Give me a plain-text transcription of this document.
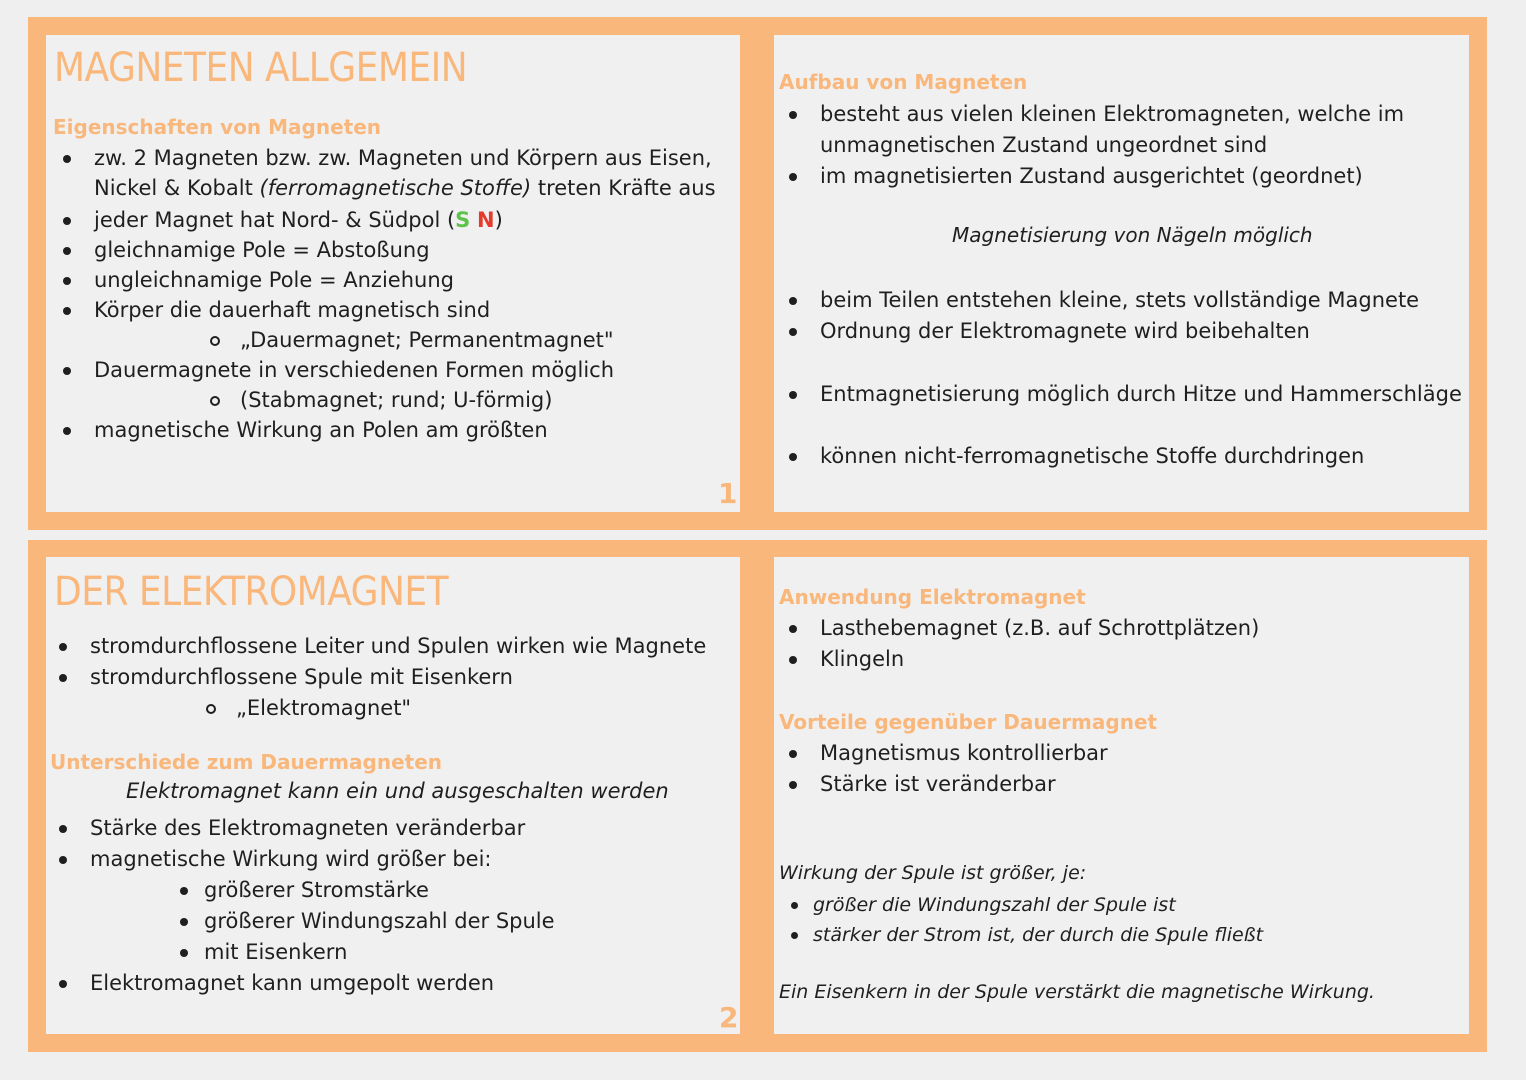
MAGNETEN ALLGEMEIN
Eigenschaften von Magneten
zw. 2 Magneten bzw. zw. Magneten und Körpern aus Eisen,
Nickel & Kobalt (ferromagnetische Stoffe) treten Kräfte aus
jeder Magnet hat Nord- & Südpol (S N)
gleichnamige Pole = Abstoßung
ungleichnamige Pole = Anziehung
Körper die dauerhaft magnetisch sind
„Dauermagnet; Permanentmagnet"
Dauermagnete in verschiedenen Formen möglich
(Stabmagnet; rund; U-förmig)
magnetische Wirkung an Polen am größten
1
Aufbau von Magneten
besteht aus vielen kleinen Elektromagneten, welche im
unmagnetischen Zustand ungeordnet sind
im magnetisierten Zustand ausgerichtet (geordnet)

Magnetisierung von Nägeln möglich

beim Teilen entstehen kleine, stets vollständige Magnete
Ordnung der Elektromagnete wird beibehalten
Entmagnetisierung möglich durch Hitze und Hammerschläge
können nicht-ferromagnetische Stoffe durchdringen
DER ELEKTROMAGNET
stromdurchflossene Leiter und Spulen wirken wie Magnete
stromdurchflossene Spule mit Eisenkern
„Elektromagnet"
Unterschiede zum Dauermagneten

Elektromagnet kann ein und ausgeschalten werden

Stärke des Elektromagneten veränderbar
magnetische Wirkung wird größer bei:
größerer Stromstärke
größerer Windungszahl der Spule
mit Eisenkern
Elektromagnet kann umgepolt werden
2
Anwendung Elektromagnet
Lasthebemagnet (z.B. auf Schrottplätzen)
Klingeln
Vorteile gegenüber Dauermagnet
Magnetismus kontrollierbar
Stärke ist veränderbar

Wirkung der Spule ist größer, je:

größer die Windungszahl der Spule ist
stärker der Strom ist, der durch die Spule fließt

Ein Eisenkern in der Spule verstärkt die magnetische Wirkung.
